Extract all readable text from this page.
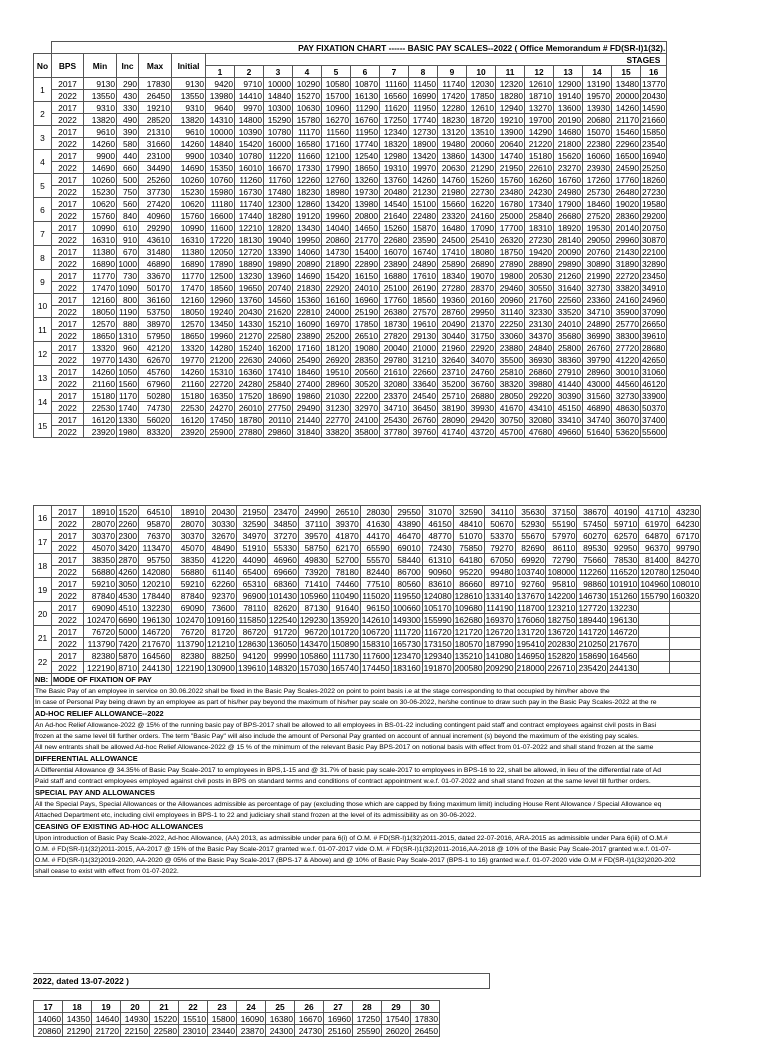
	PAY FIXATION CHART ------ BASIC PAY SCALES--2022 ( Office Memorandum # FD(SR-I)1(32).																				
No	BPS	Min	Inc	Max	Initial	STAGES															
						1	2	3	4	5	6	7	8	9	10	11	12	13	14	15	16
1	2017	9130	290	17830	9130	9420	9710	10000	10290	10580	10870	11160	11450	11740	12030	12320	12610	12900	13190	13480	13770
	2022	13550	430	26450	13550	13980	14410	14840	15270	15700	16130	16560	16990	17420	17850	18280	18710	19140	19570	20000	20430
2	2017	9310	330	19210	9310	9640	9970	10300	10630	10960	11290	11620	11950	12280	12610	12940	13270	13600	13930	14260	14590
	2022	13820	490	28520	13820	14310	14800	15290	15780	16270	16760	17250	17740	18230	18720	19210	19700	20190	20680	21170	21660
3	2017	9610	390	21310	9610	10000	10390	10780	11170	11560	11950	12340	12730	13120	13510	13900	14290	14680	15070	15460	15850
	2022	14260	580	31660	14260	14840	15420	16000	16580	17160	17740	18320	18900	19480	20060	20640	21220	21800	22380	22960	23540
4	2017	9900	440	23100	9900	10340	10780	11220	11660	12100	12540	12980	13420	13860	14300	14740	15180	15620	16060	16500	16940
	2022	14690	660	34490	14690	15350	16010	16670	17330	17990	18650	19310	19970	20630	21290	21950	22610	23270	23930	24590	25250
5	2017	10260	500	25260	10260	10760	11260	11760	12260	12760	13260	13760	14260	14760	15260	15760	16260	16760	17260	17760	18260
	2022	15230	750	37730	15230	15980	16730	17480	18230	18980	19730	20480	21230	21980	22730	23480	24230	24980	25730	26480	27230
6	2017	10620	560	27420	10620	11180	11740	12300	12860	13420	13980	14540	15100	15660	16220	16780	17340	17900	18460	19020	19580
	2022	15760	840	40960	15760	16600	17440	18280	19120	19960	20800	21640	22480	23320	24160	25000	25840	26680	27520	28360	29200
7	2017	10990	610	29290	10990	11600	12210	12820	13430	14040	14650	15260	15870	16480	17090	17700	18310	18920	19530	20140	20750
	2022	16310	910	43610	16310	17220	18130	19040	19950	20860	21770	22680	23590	24500	25410	26320	27230	28140	29050	29960	30870
8	2017	11380	670	31480	11380	12050	12720	13390	14060	14730	15400	16070	16740	17410	18080	18750	19420	20090	20760	21430	22100
	2022	16890	1000	46890	16890	17890	18890	19890	20890	21890	22890	23890	24890	25890	26890	27890	28890	29890	30890	31890	32890
9	2017	11770	730	33670	11770	12500	13230	13960	14690	15420	16150	16880	17610	18340	19070	19800	20530	21260	21990	22720	23450
	2022	17470	1090	50170	17470	18560	19650	20740	21830	22920	24010	25100	26190	27280	28370	29460	30550	31640	32730	33820	34910
10	2017	12160	800	36160	12160	12960	13760	14560	15360	16160	16960	17760	18560	19360	20160	20960	21760	22560	23360	24160	24960
	2022	18050	1190	53750	18050	19240	20430	21620	22810	24000	25190	26380	27570	28760	29950	31140	32330	33520	34710	35900	37090
11	2017	12570	880	38970	12570	13450	14330	15210	16090	16970	17850	18730	19610	20490	21370	22250	23130	24010	24890	25770	26650
	2022	18650	1310	57950	18650	19960	21270	22580	23890	25200	26510	27820	29130	30440	31750	33060	34370	35680	36990	38300	39610
12	2017	13320	960	42120	13320	14280	15240	16200	17160	18120	19080	20040	21000	21960	22920	23880	24840	25800	26760	27720	28680
	2022	19770	1430	62670	19770	21200	22630	24060	25490	26920	28350	29780	31210	32640	34070	35500	36930	38360	39790	41220	42650
13	2017	14260	1050	45760	14260	15310	16360	17410	18460	19510	20560	21610	22660	23710	24760	25810	26860	27910	28960	30010	31060
	2022	21160	1560	67960	21160	22720	24280	25840	27400	28960	30520	32080	33640	35200	36760	38320	39880	41440	43000	44560	46120
14	2017	15180	1170	50280	15180	16350	17520	18690	19860	21030	22200	23370	24540	25710	26880	28050	29220	30390	31560	32730	33900
	2022	22530	1740	74730	22530	24270	26010	27750	29490	31230	32970	34710	36450	38190	39930	41670	43410	45150	46890	48630	50370
15	2017	16120	1330	56020	16120	17450	18780	20110	21440	22770	24100	25430	26760	28090	29420	30750	32080	33410	34740	36070	37400
	2022	23920	1980	83320	23920	25900	27880	29860	31840	33820	35800	37780	39760	41740	43720	45700	47680	49660	51640	53620	55600
16	2017	18910	1520	64510	18910	20430	21950	23470	24990	26510	28030	29550	31070	32590	34110	35630	37150	38670	40190	41710	43230
	2022	28070	2260	95870	28070	30330	32590	34850	37110	39370	41630	43890	46150	48410	50670	52930	55190	57450	59710	61970	64230
17	2017	30370	2300	76370	30370	32670	34970	37270	39570	41870	44170	46470	48770	51070	53370	55670	57970	60270	62570	64870	67170
	2022	45070	3420	113470	45070	48490	51910	55330	58750	62170	65590	69010	72430	75850	79270	82690	86110	89530	92950	96370	99790
18	2017	38350	2870	95750	38350	41220	44090	46960	49830	52700	55570	58440	61310	64180	67050	69920	72790	75660	78530	81400	84270
	2022	56880	4260	142080	56880	61140	65400	69660	73920	78180	82440	86700	90960	95220	99480	103740	108000	112260	116520	120780	125040
19	2017	59210	3050	120210	59210	62260	65310	68360	71410	74460	77510	80560	83610	86660	89710	92760	95810	98860	101910	104960	108010
	2022	87840	4530	178440	87840	92370	96900	101430	105960	110490	115020	119550	124080	128610	133140	137670	142200	146730	151260	155790	160320
20	2017	69090	4510	132230	69090	73600	78110	82620	87130	91640	96150	100660	105170	109680	114190	118700	123210	127720	132230		
	2022	102470	6690	196130	102470	109160	115850	122540	129230	135920	142610	149300	155990	162680	169370	176060	182750	189440	196130		
21	2017	76720	5000	146720	76720	81720	86720	91720	96720	101720	106720	111720	116720	121720	126720	131720	136720	141720	146720		
	2022	113790	7420	217670	113790	121210	128630	136050	143470	150890	158310	165730	173150	180570	187990	195410	202830	210250	217670		
22	2017	82380	5870	164560	82380	88250	94120	99990	105860	111730	117600	123470	129340	135210	141080	146950	152820	158690	164560		
	2022	122190	8710	244130	122190	130900	139610	148320	157030	165740	174450	183160	191870	200580	209290	218000	226710	235420	244130		
NB:	MODE OF FIXATION OF PAY																				
The Basic Pay of an employee in service on 30.06.2022 shall be fixed in the Basic Pay Scales-2022 on point to point basis i.e at the stage corresponding to that occupied by him/her above the																					
In case of Personal Pay being drawn by an employee as part of his/her pay beyond the maximum of his/her pay scale on 30-06-2022, he/she continue to draw such pay in the Basic Pay Scales-2022 at the re																					
AD-HOC RELIEF ALLOWANCE--2022																					
An Ad-hoc Relief Allowance-2022 @ 15% of the running basic pay of BPS-2017 shall be allowed to all employees in BS-01-22 including contingent paid staff and contract employees against civil posts in Basi																					
frozen at the same level till further orders. The term "Basic Pay" will also include the amount of Personal Pay granted on account of annual increment (s) beyond the maximum of the existing pay scales.																					
All new entrants shall be allowed Ad-hoc Relief Allowance-2022 @ 15 % of the minimum of the relevant Basic Pay BPS-2017 on notional basis with effect from 01-07-2022 and shall stand frozen at the same																					
DIFFERENTIAL ALLOWANCE																					
A Differential Allowance @ 34.35% of Basic Pay Scale-2017 to employees in BPS,1-15 and @ 31.7% of basic pay scale-2017 to employees in BPS-16 to 22, shall be allowed, in lieu of the differential rate of Ad																					
Paid staff and contract employees employed against civil posts in BPS on standard terms and conditions of contract appointment w.e.f. 01-07-2022 and shall stand frozen at the same level till further orders.																					
SPECIAL PAY AND ALLOWANCES																					
All the Special Pays, Special Allowances or the Allowances admissible as percentage of pay (excluding those which are capped by fixing maximum limit) including House Rent Allowance / Special Allowance eq																					
Attached Department etc, including civil employees in BPS-1 to 22 and judiciary shall stand frozen at the level of its admissibility as on 30-06-2022.																					
CEASING OF EXISTING AD-HOC ALLOWANCES																					
Upon introduction of Basic Pay Scale-2022, Ad-hoc Allowance, (AA) 2013, as admissible under para 6(i) of O.M. # FD(SR-I)1(32)2011-2015, dated 22-07-2016, ARA-2015 as admissible under Para 6(iii) of O.M.#																					
O.M. # FD(SR-I)1(32)2011-2015, AA-2017 @ 15% of the Basic Pay Scale-2017 granted w.e.f. 01-07-2017 vide O.M. # FD(SR-I)1(32)2011-2016,AA-2018 @ 10% of the Basic Pay Scale-2017 granted w.e.f. 01-07-																					
O.M. # FD(SR-I)1(32)2019-2020, AA-2020 @ 05% of the Basic Pay Scale-2017 (BPS-17 & Above) and @ 10% of Basic Pay Scale-2017 (BPS-1 to 16) granted w.e.f. 01-07-2020 vide O.M # FD(SR-I)1(32)2020-202																					
shall cease to exist with effect from 01-07-2022.																					
2022, dated 13-07-2022 )
17	18	19	20	21	22	23	24	25	26	27	28	29	30
14060	14350	14640	14930	15220	15510	15800	16090	16380	16670	16960	17250	17540	17830
20860	21290	21720	22150	22580	23010	23440	23870	24300	24730	25160	25590	26020	26450
